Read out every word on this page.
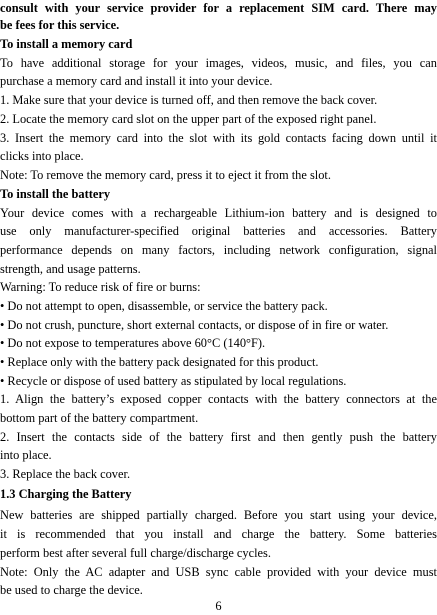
consult with your service provider for a replacement SIM card. There may
be fees for this service.
To install a memory card
To have additional storage for your images, videos, music, and files, you can
purchase a memory card and install it into your device.
1. Make sure that your device is turned off, and then remove the back cover.
2. Locate the memory card slot on the upper part of the exposed right panel.
3. Insert the memory card into the slot with its gold contacts facing down until it
clicks into place.
Note: To remove the memory card, press it to eject it from the slot.
To install the battery
Your device comes with a rechargeable Lithium-ion battery and is designed to
use only manufacturer-specified original batteries and accessories. Battery
performance depends on many factors, including network configuration, signal
strength, and usage patterns.
Warning: To reduce risk of fire or burns:
• Do not attempt to open, disassemble, or service the battery pack.
• Do not crush, puncture, short external contacts, or dispose of in fire or water.
• Do not expose to temperatures above 60°C (140°F).
• Replace only with the battery pack designated for this product.
• Recycle or dispose of used battery as stipulated by local regulations.
1. Align the battery’s exposed copper contacts with the battery connectors at the
bottom part of the battery compartment.
2. Insert the contacts side of the battery first and then gently push the battery
into place.
3. Replace the back cover.
1.3 Charging the Battery
New batteries are shipped partially charged. Before you start using your device,
it is recommended that you install and charge the battery. Some batteries
perform best after several full charge/discharge cycles.
Note: Only the AC adapter and USB sync cable provided with your device must
be used to charge the device.
6
